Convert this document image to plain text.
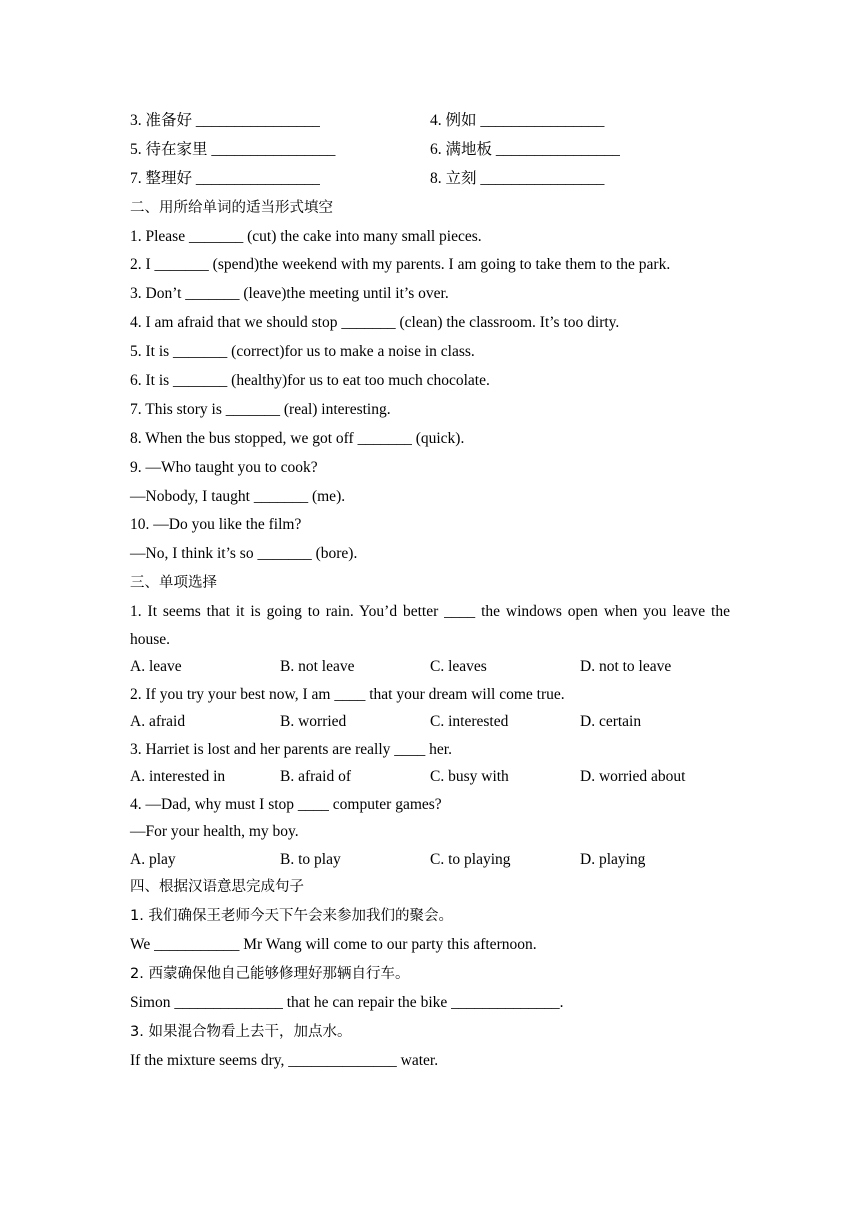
3. 准备好 ________________	4. 例如 ________________
5. 待在家里 ________________	6. 满地板 ________________
7. 整理好 ________________	8. 立刻 ________________
二、用所给单词的适当形式填空
1. Please _______ (cut) the cake into many small pieces.
2. I _______ (spend)the weekend with my parents. I am going to take them to the park.
3. Don’t _______ (leave)the meeting until it’s over.
4. I am afraid that we should stop _______ (clean) the classroom. It’s too dirty.
5. It is _______ (correct)for us to make a noise in class.
6. It is _______ (healthy)for us to eat too much chocolate.
7. This story is _______ (real) interesting.
8. When the bus stopped, we got off _______ (quick).
9. —Who taught you to cook?
—Nobody, I taught _______ (me).
10. —Do you like the film?
—No, I think it’s so _______ (bore).
三、单项选择
1. It seems that it is going to rain. You’d better ____ the windows open when you leave the house.
A. leave	B. not leave	C. leaves	D. not to leave
2. If you try your best now, I am ____ that your dream will come true.
A. afraid	B. worried	C. interested	D. certain
3. Harriet is lost and her parents are really ____ her.
A. interested in	B. afraid of	C. busy with	D. worried about
4. —Dad, why must I stop ____ computer games?
—For your health, my boy.
A. play	B. to play	C. to playing	D. playing
四、根据汉语意思完成句子
1. 我们确保王老师今天下午会来参加我们的聚会。
We ___________ Mr Wang will come to our party this afternoon.
2. 西蒙确保他自己能够修理好那辆自行车。
Simon ______________ that he can repair the bike ______________.
3. 如果混合物看上去干，加点水。
If the mixture seems dry, ______________ water.
